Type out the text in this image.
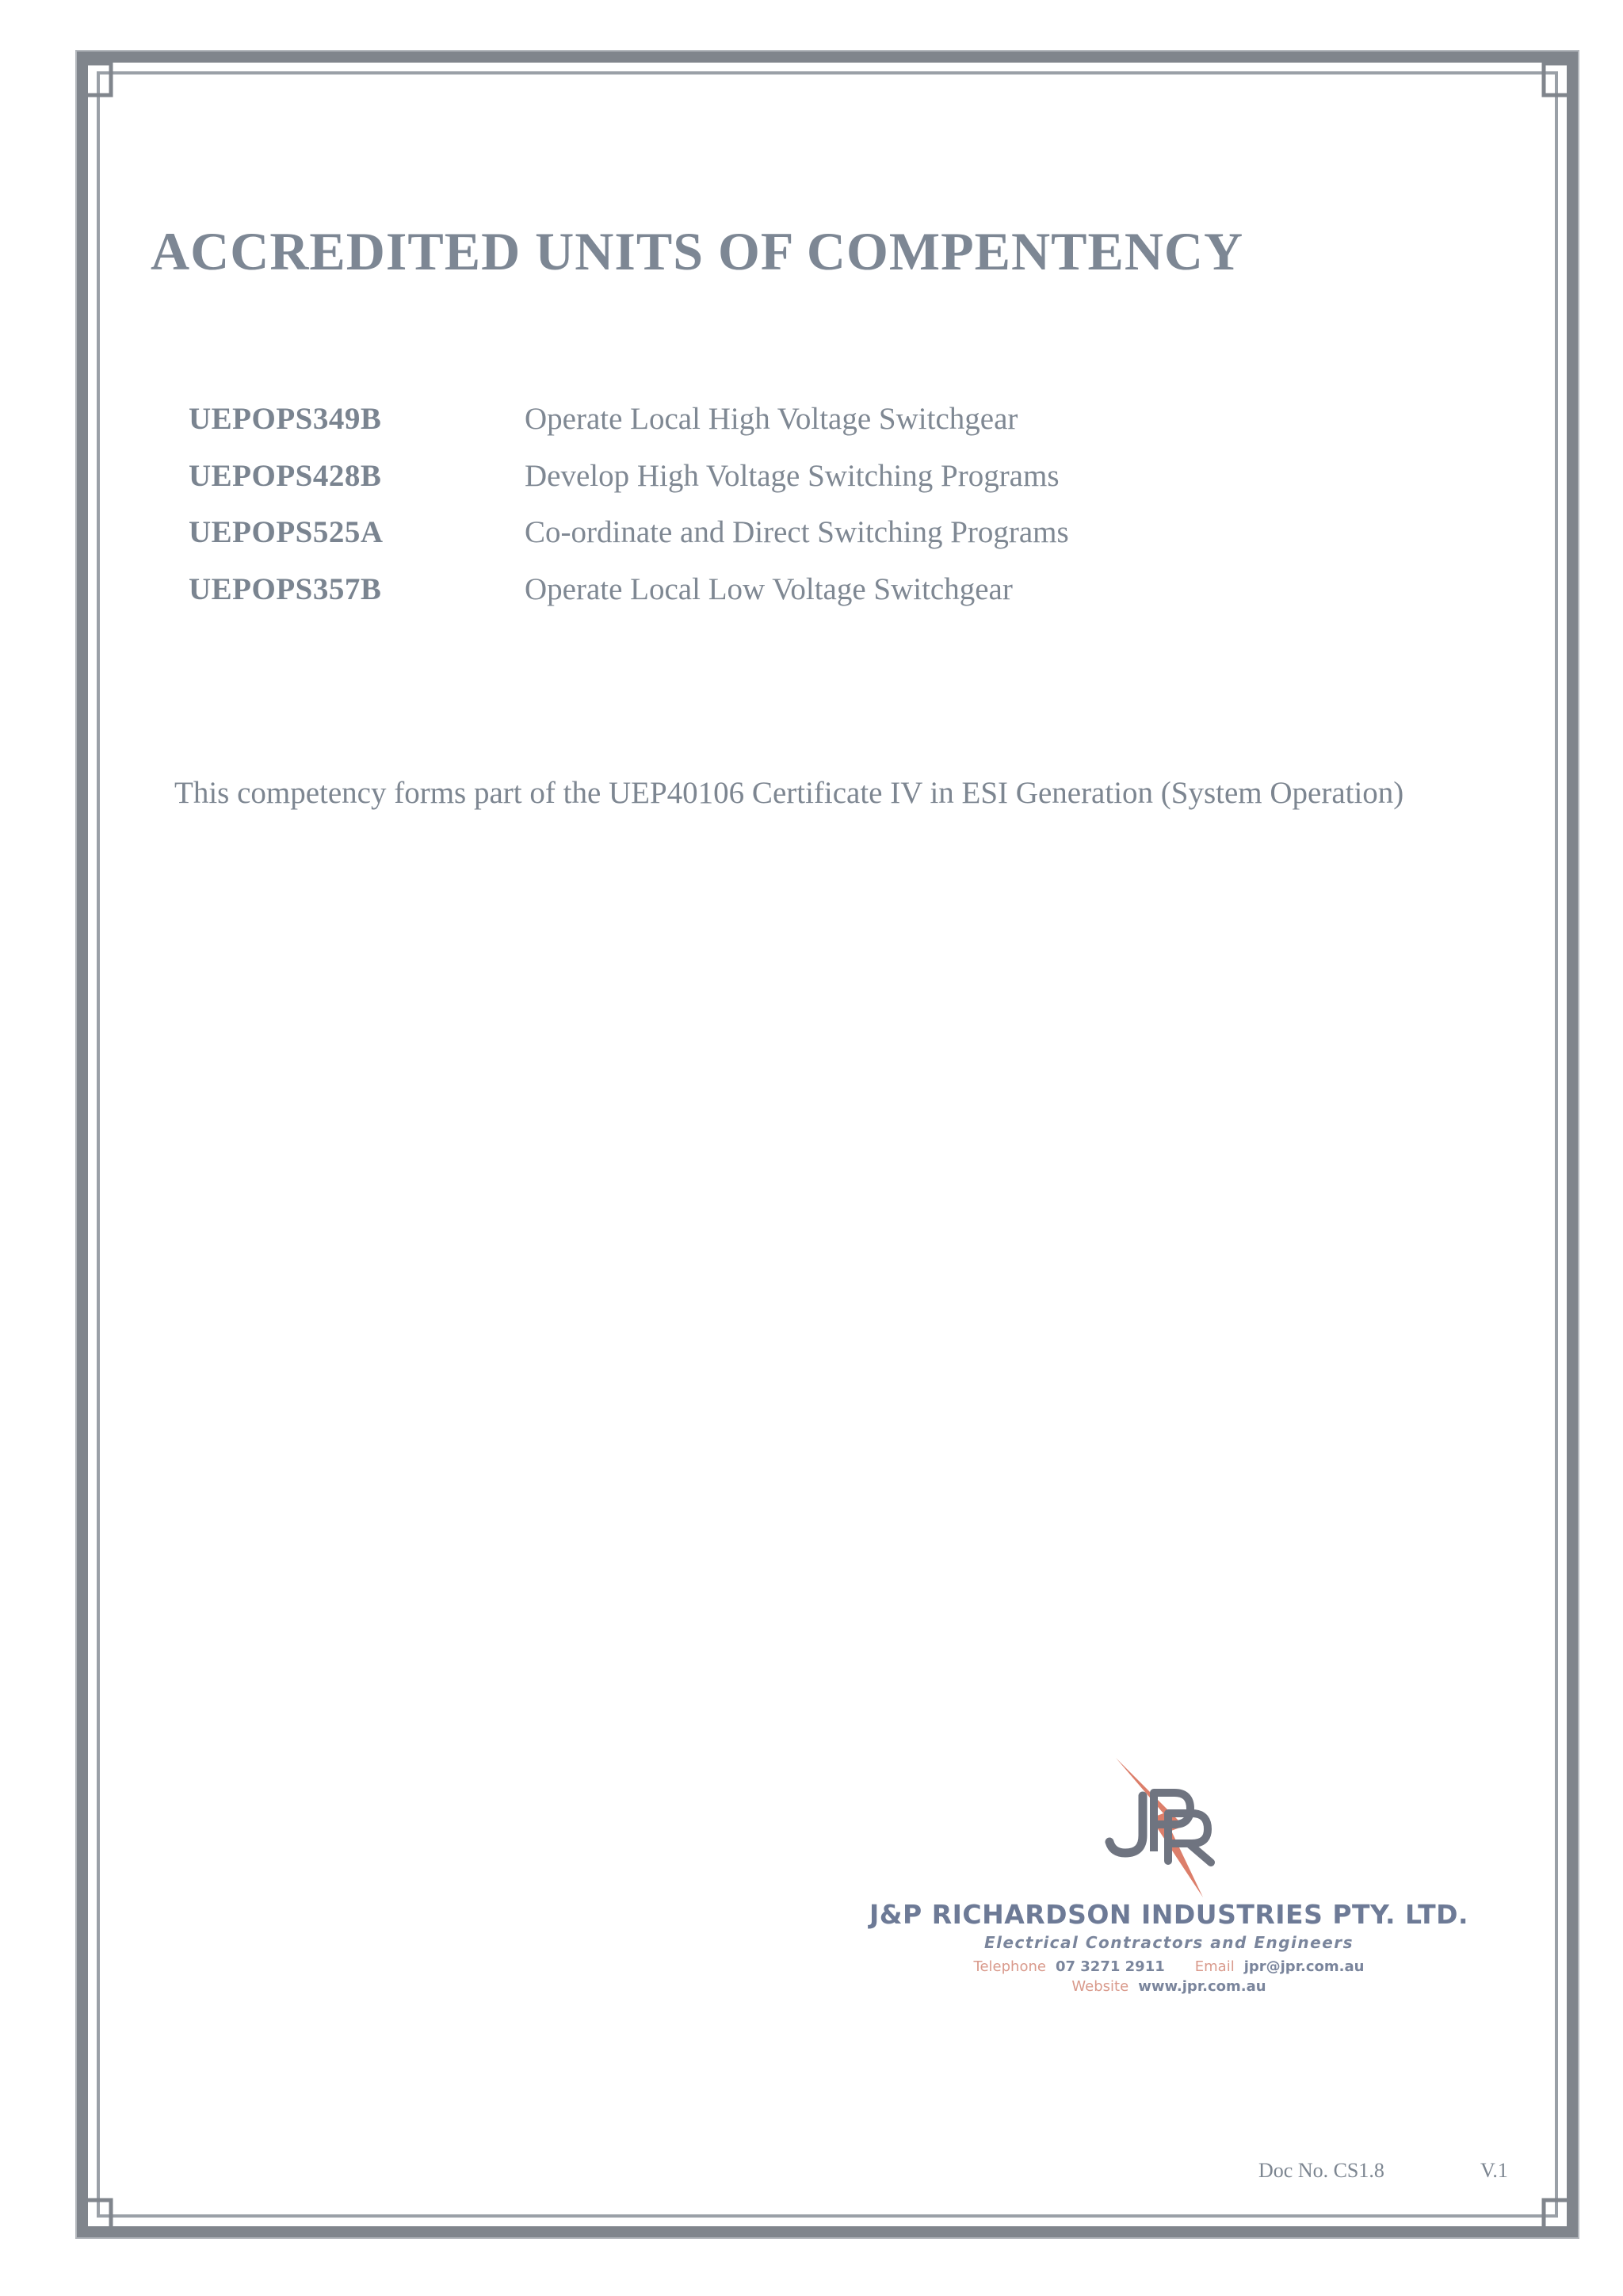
ACCREDITED UNITS OF COMPENTENCY
UEPOPS349B	Operate Local High Voltage Switchgear
UEPOPS428B	Develop High Voltage Switching Programs
UEPOPS525A	Co-ordinate and Direct Switching Programs
UEPOPS357B	Operate Local Low Voltage Switchgear

This competency forms part of the UEP40106 Certificate IV in ESI Generation (System Operation)

J&P RICHARDSON INDUSTRIES PTY. LTD.
Electrical Contractors and Engineers
Telephone 07 3271 2911 Email jpr@jpr.com.au
Website www.jpr.com.au
Doc No. CS1.8	V.1
